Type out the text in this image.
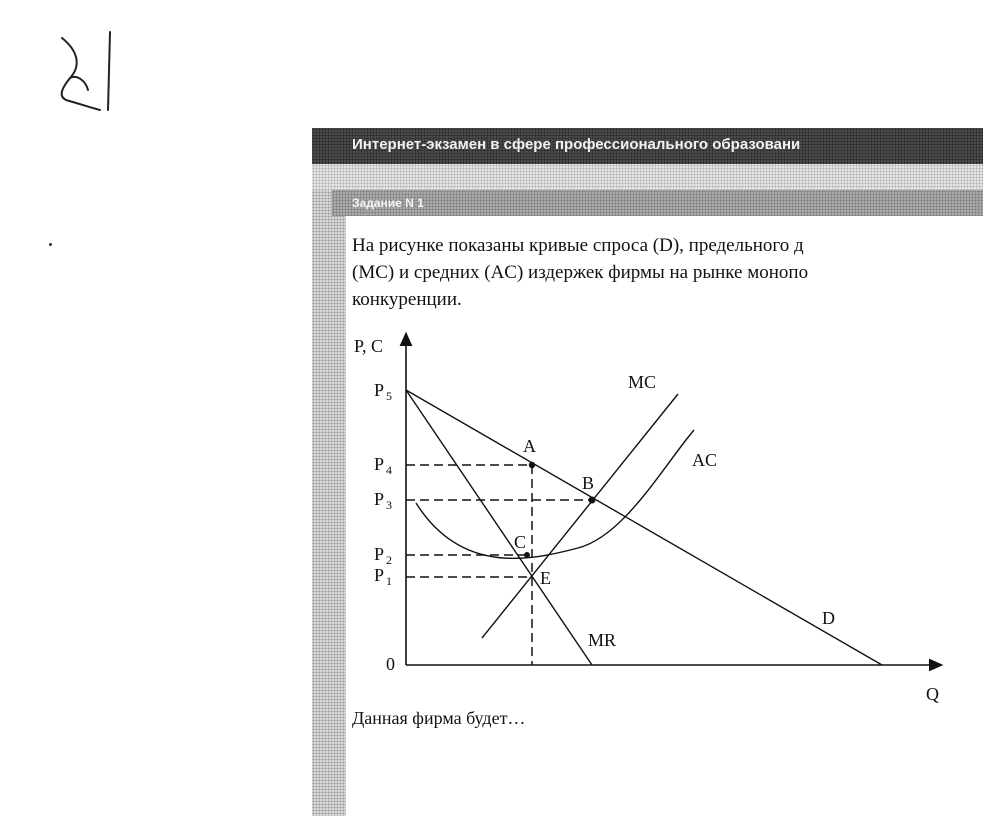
Интернет-экзамен в сфере профессионального образовани
Задание N 1
На рисунке показаны кривые спроса (D), предельного д
(MC) и средних (AC) издержек фирмы на рынке монопо
конкуренции.
P, C
Q
0
P 5
P 4
P 3
P 2
P 1
A
B
C
E
MC
AC
D
MR
Данная фирма будет…
